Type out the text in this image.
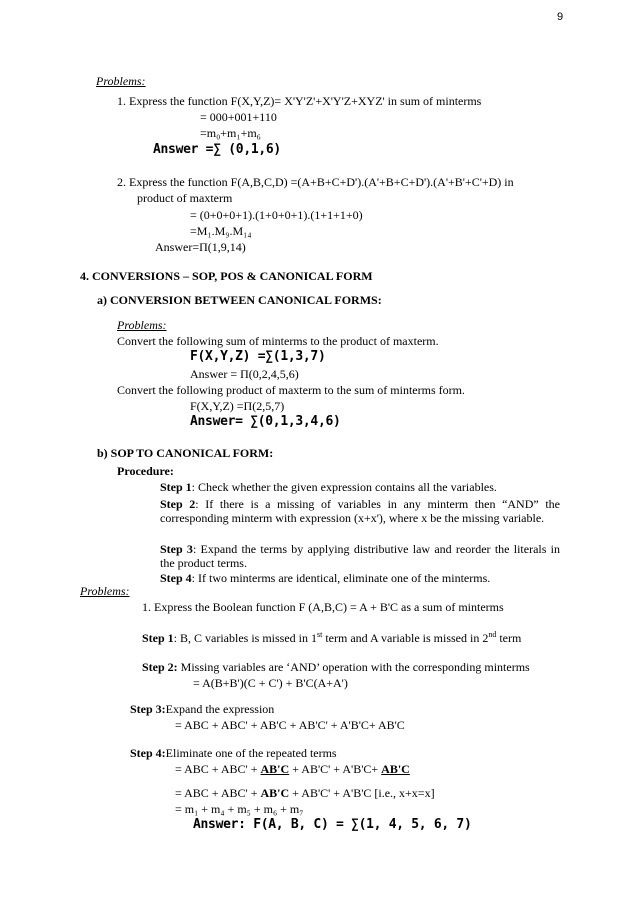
9
Problems:
1. Express the function F(X,Y,Z)= X'Y'Z'+X'Y'Z+XYZ' in sum of minterms
= 000+001+110
=m₀+m₁+m₆
Answer =∑ (0,1,6)
2. Express the function F(A,B,C,D) =(A+B+C+D').(A'+B+C+D').(A'+B'+C'+D) in
product of maxterm
= (0+0+0+1).(1+0+0+1).(1+1+1+0)
=M₁.M₉.M₁₄
Answer=Π(1,9,14)
4. CONVERSIONS – SOP, POS & CANONICAL FORM
a) CONVERSION BETWEEN CANONICAL FORMS:
Problems:
Convert the following sum of minterms to the product of maxterm.
F(X,Y,Z) =∑(1,3,7)
Answer = Π(0,2,4,5,6)
Convert the following product of maxterm to the sum of minterms form.
F(X,Y,Z) =Π(2,5,7)
Answer= ∑(0,1,3,4,6)
b) SOP TO CANONICAL FORM:
Procedure:
Step 1: Check whether the given expression contains all the variables.
Step 2: If there is a missing of variables in any minterm then “AND” the corresponding minterm with expression (x+x'), where x be the missing variable.
Step 3: Expand the terms by applying distributive law and reorder the literals in the product terms.
Step 4: If two minterms are identical, eliminate one of the minterms.
Problems:
1. Express the Boolean function F (A,B,C) = A + B'C as a sum of minterms
Step 1: B, C variables is missed in 1st term and A variable is missed in 2nd term
Step 2: Missing variables are ‘AND’ operation with the corresponding minterms
= A(B+B')(C + C') + B'C(A+A')
Step 3:Expand the expression
= ABC + ABC' + AB'C + AB'C' + A'B'C+ AB'C
Step 4:Eliminate one of the repeated terms
= ABC + ABC' + AB'C + AB'C' + A'B'C+ AB'C
= ABC + ABC' + AB'C + AB'C' + A'B'C [i.e., x+x=x]
= m₁ + m₄ + m₅ + m₆ + m₇
Answer: F(A, B, C) = ∑(1, 4, 5, 6, 7)
